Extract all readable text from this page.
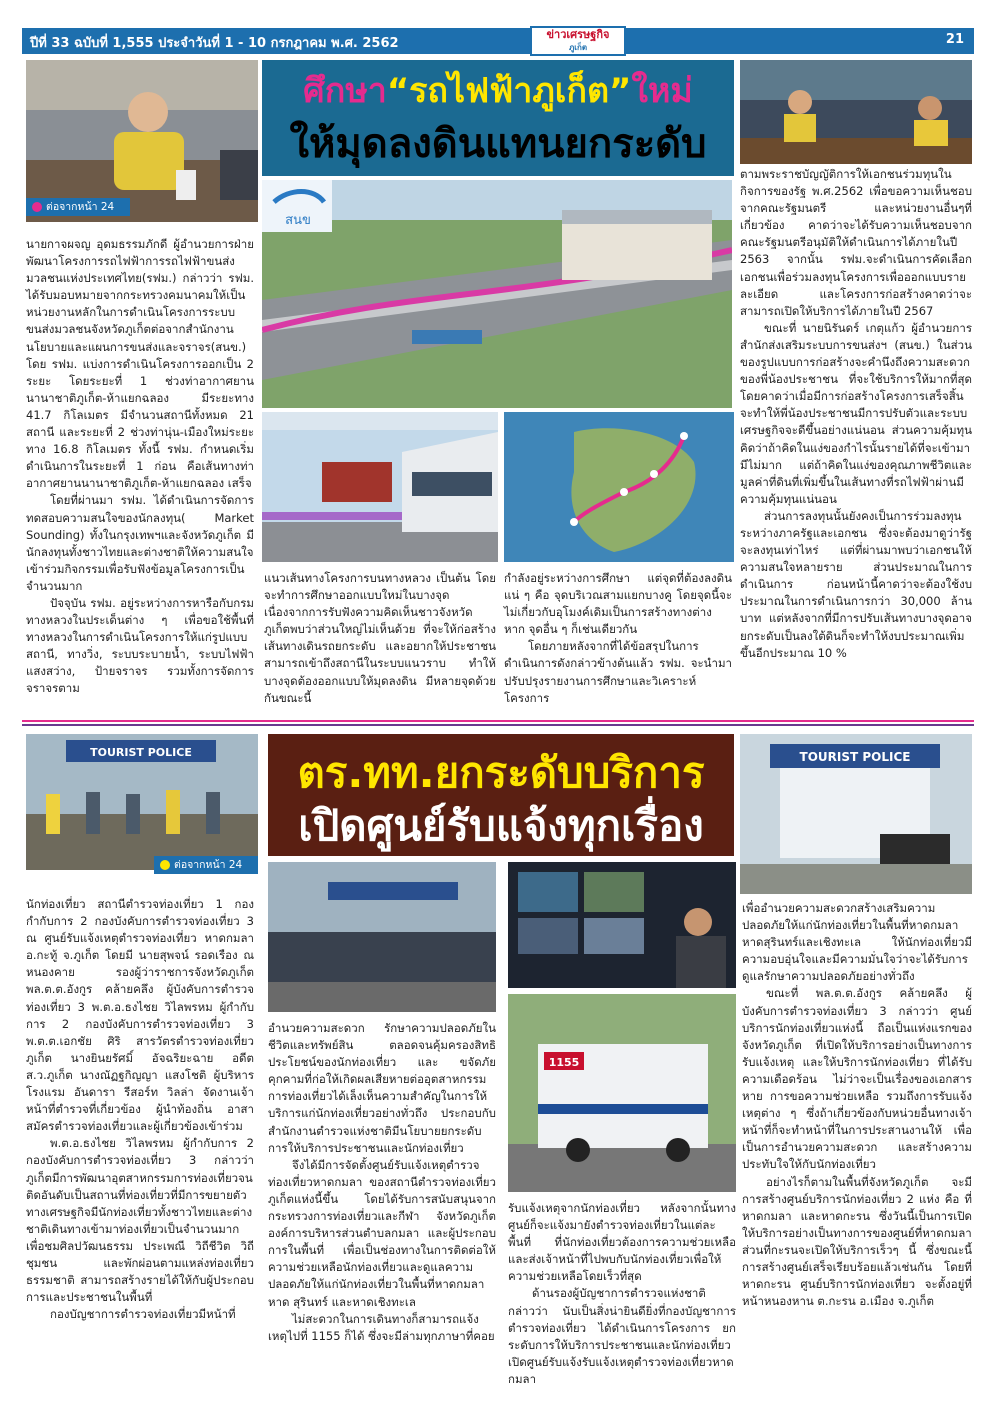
ปีที่ 33 ฉบับที่ 1,555 ประจำวันที่ 1 - 10 กรกฎาคม พ.ศ. 2562	21
ข่าวเศรษฐกิจ
ภูเก็ต
ต่อจากหน้า 24
ศึกษา“รถไฟฟ้าภูเก็ต”ใหม่
ให้มุดลงดินแทนยกระดับ
สนข

นายกาจผจญ อุดมธรรมภักดี ผู้อำนวยการฝ่ายพัฒนาโครงการรถไฟฟ้าการรถไฟฟ้าขนส่งมวลชนแห่งประเทศไทย(รฟม.) กล่าวว่า รฟม. ได้รับมอบหมายจากกระทรวงคมนาคมให้เป็นหน่วยงานหลักในการดำเนินโครงการระบบขนส่งมวลชนจังหวัดภูเก็ตต่อจากสำนักงานนโยบายและแผนการขนส่งและจราจร(สนข.) โดย รฟม. แบ่งการดำเนินโครงการออกเป็น 2 ระยะ โดยระยะที่ 1 ช่วงท่าอากาศยานนานาชาติภูเก็ต-ห้าแยกฉลอง มีระยะทาง 41.7 กิโลเมตร มีจำนวนสถานีทั้งหมด 21 สถานี และระยะที่ 2 ช่วงท่านุ่น-เมืองใหม่ระยะทาง 16.8 กิโลเมตร ทั้งนี้ รฟม. กำหนดเริ่มดำเนินการในระยะที่ 1 ก่อน คือเส้นทางท่าอากาศยานนานาชาติภูเก็ต-ห้าแยกฉลอง เสร็จ

โดยที่ผ่านมา รฟม. ได้ดำเนินการจัดการทดสอบความสนใจของนักลงทุน( Market Sounding) ทั้งในกรุงเทพฯและจังหวัดภูเก็ต มีนักลงทุนทั้งชาวไทยและต่างชาติให้ความสนใจเข้าร่วมกิจกรรมเพื่อรับฟังข้อมูลโครงการเป็นจำนวนมาก

ปัจจุบัน รฟม. อยู่ระหว่างการหารือกับกรมทางหลวงในประเด็นต่าง ๆ เพื่อขอใช้พื้นที่ทางหลวงในการดำเนินโครงการให้แก่รูปแบบสถานี, ทางวิ่ง, ระบบระบายน้ำ, ระบบไฟฟ้าแสงสว่าง, ป้ายจราจร รวมทั้งการจัดการจราจรตาม

แนวเส้นทางโครงการบนทางหลวง เป็นต้น โดยจะทำการศึกษาออกแบบใหม่ในบางจุด เนื่องจากการรับฟังความคิดเห็นชาวจังหวัดภูเก็ตพบว่าส่วนใหญ่ไม่เห็นด้วย ที่จะให้ก่อสร้างเส้นทางเดินรถยกระดับ และอยากให้ประชาชนสามารถเข้าถึงสถานีในระบบแนวราบ ทำให้บางจุดต้องออกแบบให้มุดลงดิน มีหลายจุดด้วยกันขณะนี้

กำลังอยู่ระหว่างการศึกษา แต่จุดที่ต้องลงดินแน่ ๆ คือ จุดบริเวณสามแยกบางคู โดยจุดนี้จะไม่เกี่ยวกับอุโมงค์เดิมเป็นการสร้างทางต่างหาก จุดอื่น ๆ ก็เช่นเดียวกัน

โดยภายหลังจากที่ได้ข้อสรุปในการดำเนินการดังกล่าวข้างต้นแล้ว รฟม. จะนำมาปรับปรุงรายงานการศึกษาและวิเคราะห์โครงการ

ตามพระราชบัญญัติการให้เอกชนร่วมทุนในกิจการของรัฐ พ.ศ.2562 เพื่อขอความเห็นชอบจากคณะรัฐมนตรี และหน่วยงานอื่นๆที่เกี่ยวข้อง คาดว่าจะได้รับความเห็นชอบจากคณะรัฐมนตรีอนุมัติให้ดำเนินการได้ภายในปี 2563 จากนั้น รฟม.จะดำเนินการคัดเลือกเอกชนเพื่อร่วมลงทุนโครงการเพื่อออกแบบรายละเอียด และโครงการก่อสร้างคาดว่าจะสามารถเปิดให้บริการได้ภายในปี 2567

ขณะที่ นายนิรันดร์ เกตุแก้ว ผู้อำนวยการสำนักส่งเสริมระบบการขนส่งฯ (สนข.) ในส่วนของรูปแบบการก่อสร้างจะคำนึงถึงความสะดวกของพี่น้องประชาชน ที่จะใช้บริการให้มากที่สุด โดยคาดว่าเมื่อมีการก่อสร้างโครงการเสร็จสิ้นจะทำให้พี่น้องประชาชนมีการปรับตัวและระบบเศรษฐกิจจะดีขึ้นอย่างแน่นอน ส่วนความคุ้มทุน คิดว่าถ้าคิดในแง่ของกำไรนั้นรายได้ที่จะเข้ามามีไม่มาก แต่ถ้าคิดในแง่ของคุณภาพชีวิตและมูลค่าที่ดินที่เพิ่มขึ้นในเส้นทางที่รถไฟฟ้าผ่านมีความคุ้มทุนแน่นอน

ส่วนการลงทุนนั้นยังคงเป็นการร่วมลงทุนระหว่างภาครัฐและเอกชน ซึ่งจะต้องมาดูว่ารัฐจะลงทุนเท่าไหร่ แต่ที่ผ่านมาพบว่าเอกชนให้ความสนใจหลายราย ส่วนประมาณในการดำเนินการ ก่อนหน้านี้คาดว่าจะต้องใช้งบประมาณในการดำเนินการกว่า 30,000 ล้านบาท แต่หลังจากที่มีการปรับเส้นทางบางจุดอาจยกระดับเป็นลงใต้ดินก็จะทำให้งบประมาณเพิ่มขึ้นอีกประมาณ 10 %

TOURIST POLICE
ต่อจากหน้า 24
ตร.ทท.ยกระดับบริการ
เปิดศูนย์รับแจ้งทุกเรื่อง
TOURIST POLICE
1155

นักท่องเที่ยว สถานีตำรวจท่องเที่ยว 1 กองกำกับการ 2 กองบังคับการตำรวจท่องเที่ยว 3 ณ ศูนย์รับแจ้งเหตุตำรวจท่องเที่ยว หาดกมลา อ.กะทู้ จ.ภูเก็ต โดยมี นายสุพจน์ รอดเรือง ณ หนองคาย รองผู้ว่าราชการจังหวัดภูเก็ต พล.ต.ต.อังกูร คล้ายคลึง ผู้บังคับการตำรวจท่องเที่ยว 3 พ.ต.อ.ธงไชย วิไลพรหม ผู้กำกับการ 2 กองบังคับการตำรวจท่องเที่ยว 3 พ.ต.ต.เอกชัย ศิริ สารวัตรตำรวจท่องเที่ยวภูเก็ต นางยินยรัศมิ์ อัจฉริยะฉาย อดีต ส.ว.ภูเก็ต นางณัฏฐกิญญา แสงโชติ ผู้บริหารโรงแรม อันดารา รีสอร์ท วิลล่า จัดงานเจ้าหน้าที่ตำรวจที่เกี่ยวข้อง ผู้นำท้องถิ่น อาสาสมัครตำรวจท่องเที่ยวและผู้เกี่ยวข้องเข้าร่วม

พ.ต.อ.ธงไชย วิไลพรหม ผู้กำกับการ 2 กองบังคับการตำรวจท่องเที่ยว 3 กล่าวว่า ภูเก็ตมีการพัฒนาอุตสาหกรรมการท่องเที่ยวจนติดอันดับเป็นสถานที่ท่องเที่ยวที่มีการขยายตัวทางเศรษฐกิจมีนักท่องเที่ยวทั้งชาวไทยและต่างชาติเดินทางเข้ามาท่องเที่ยวเป็นจำนวนมาก เพื่อชมศิลปวัฒนธรรม ประเพณี วิถีชีวิต วิถีชุมชน และพักผ่อนตามแหล่งท่องเที่ยวธรรมชาติ สามารถสร้างรายได้ให้กับผู้ประกอบการและประชาชนในพื้นที่

กองบัญชาการตำรวจท่องเที่ยวมีหน้าที่

อำนวยความสะดวก รักษาความปลอดภัยในชีวิตและทรัพย์สิน ตลอดจนคุ้มครองสิทธิประโยชน์ของนักท่องเที่ยว และ ขจัดภัยคุกคามที่ก่อให้เกิดผลเสียหายต่ออุตสาหกรรมการท่องเที่ยวได้เล็งเห็นความสำคัญในการให้บริการแก่นักท่องเที่ยวอย่างทั่วถึง ประกอบกับสำนักงานตำรวจแห่งชาติมีนโยบายยกระดับการให้บริการประชาชนและนักท่องเที่ยว

จึงได้มีการจัดตั้งศูนย์รับแจ้งเหตุตำรวจท่องเที่ยวหาดกมลา ของสถานีตำรวจท่องเที่ยวภูเก็ตแห่งนี้ขึ้น โดยได้รับการสนับสนุนจากกระทรวงการท่องเที่ยวและกีฬา จังหวัดภูเก็ต องค์การบริหารส่วนตำบลกมลา และผู้ประกอบการในพื้นที่ เพื่อเป็นช่องทางในการติดต่อให้ความช่วยเหลือนักท่องเที่ยวและดูแลความปลอดภัยให้แก่นักท่องเที่ยวในพื้นที่หาดกมลา หาด สุรินทร์ และหาดเชิงทะเล

ไม่สะดวกในการเดินทางก็สามารถแจ้งเหตุไปที่ 1155 ก็ได้ ซึ่งจะมีล่ามทุกภาษาที่คอย

รับแจ้งเหตุจากนักท่องเที่ยว หลังจากนั้นทางศูนย์ก็จะแจ้งมายังตำรวจท่องเที่ยวในแต่ละพื้นที่ ที่นักท่องเที่ยวต้องการความช่วยเหลือ และส่งเจ้าหน้าที่ไปพบกับนักท่องเที่ยวเพื่อให้ความช่วยเหลือโดยเร็วที่สุด

ด้านรองผู้บัญชาการตำรวจแห่งชาติ กล่าวว่า นับเป็นสิ่งน่ายินดียิ่งที่กองบัญชาการตำรวจท่องเที่ยว ได้ดำเนินการโครงการ ยกระดับการให้บริการประชาชนและนักท่องเที่ยว เปิดศูนย์รับแจ้งรับแจ้งเหตุตำรวจท่องเที่ยวหาดกมลา

เพื่ออำนวยความสะดวกสร้างเสริมความปลอดภัยให้แก่นักท่องเที่ยวในพื้นที่หาดกมลาหาดสุรินทร์และเชิงทะเล ให้นักท่องเที่ยวมีความอบอุ่นใจและมีความมั่นใจว่าจะได้รับการดูแลรักษาความปลอดภัยอย่างทั่วถึง

ขณะที่ พล.ต.ต.อังกูร คล้ายคลึง ผู้บังคับการตำรวจท่องเที่ยว 3 กล่าวว่า ศูนย์บริการนักท่องเที่ยวแห่งนี้ ถือเป็นแห่งแรกของจังหวัดภูเก็ต ที่เปิดให้บริการอย่างเป็นทางการรับแจ้งเหตุ และให้บริการนักท่องเที่ยว ที่ได้รับความเดือดร้อน ไม่ว่าจะเป็นเรื่องของเอกสารหาย การขอความช่วยเหลือ รวมถึงการรับแจ้งเหตุต่าง ๆ ซึ่งถ้าเกี่ยวข้องกับหน่วยอื่นทางเจ้าหน้าที่ก็จะทำหน้าที่ในการประสานงานให้ เพื่อเป็นการอำนวยความสะดวก และสร้างความประทับใจให้กับนักท่องเที่ยว

อย่างไรก็ตามในพื้นที่จังหวัดภูเก็ต จะมีการสร้างศูนย์บริการนักท่องเที่ยว 2 แห่ง คือ ที่หาดกมลา และหาดกะรน ซึ่งวันนี้เป็นการเปิดให้บริการอย่างเป็นทางการของศูนย์ที่หาดกมลา ส่วนที่กะรนจะเปิดให้บริการเร็วๆ นี้ ซึ่งขณะนี้การสร้างศูนย์เสร็จเรียบร้อยแล้วเช่นกัน โดยที่หาดกะรน ศูนย์บริการนักท่องเที่ยว จะตั้งอยู่ที่หน้าหนองหาน ต.กะรน อ.เมือง จ.ภูเก็ต
